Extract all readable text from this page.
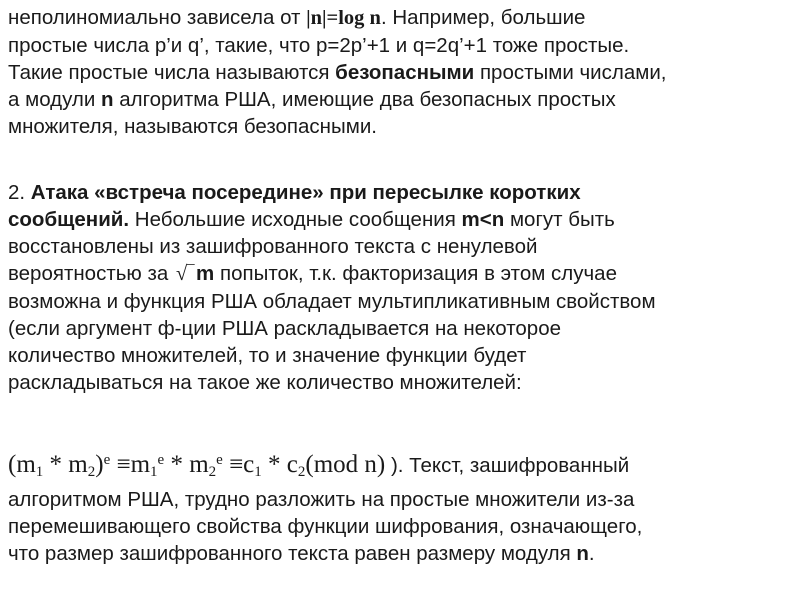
неполиномиально зависела от |n|=log n. Например, большие
простые числа p’и q’, такие, что p=2p’+1 и q=2q’+1 тоже простые.
Такие простые числа называются безопасными простыми числами,
а модули n алгоритма РША, имеющие два безопасных простых
множителя, называются безопасными.
2. Атака «встреча посередине» при пересылке коротких
сообщений. Небольшие исходные сообщения m<n могут быть
восстановлены из зашифрованного текста с ненулевой
вероятностью за √‾m попыток, т.к. факторизация в этом случае
возможна и функция РША обладает мультипликативным свойством
(если аргумент ф-ции РША раскладывается на некоторое
количество множителей, то и значение функции будет
раскладываться на такое же количество множителей:
$(m_1 * m_2)^e \equiv m_1^e * m_2^e \equiv c_1 * c_2(mod$ n) ). Текст, зашифрованный
алгоритмом РША, трудно разложить на простые множители из-за
перемешивающего свойства функции шифрования, означающего,
что размер зашифрованного текста равен размеру модуля n.
